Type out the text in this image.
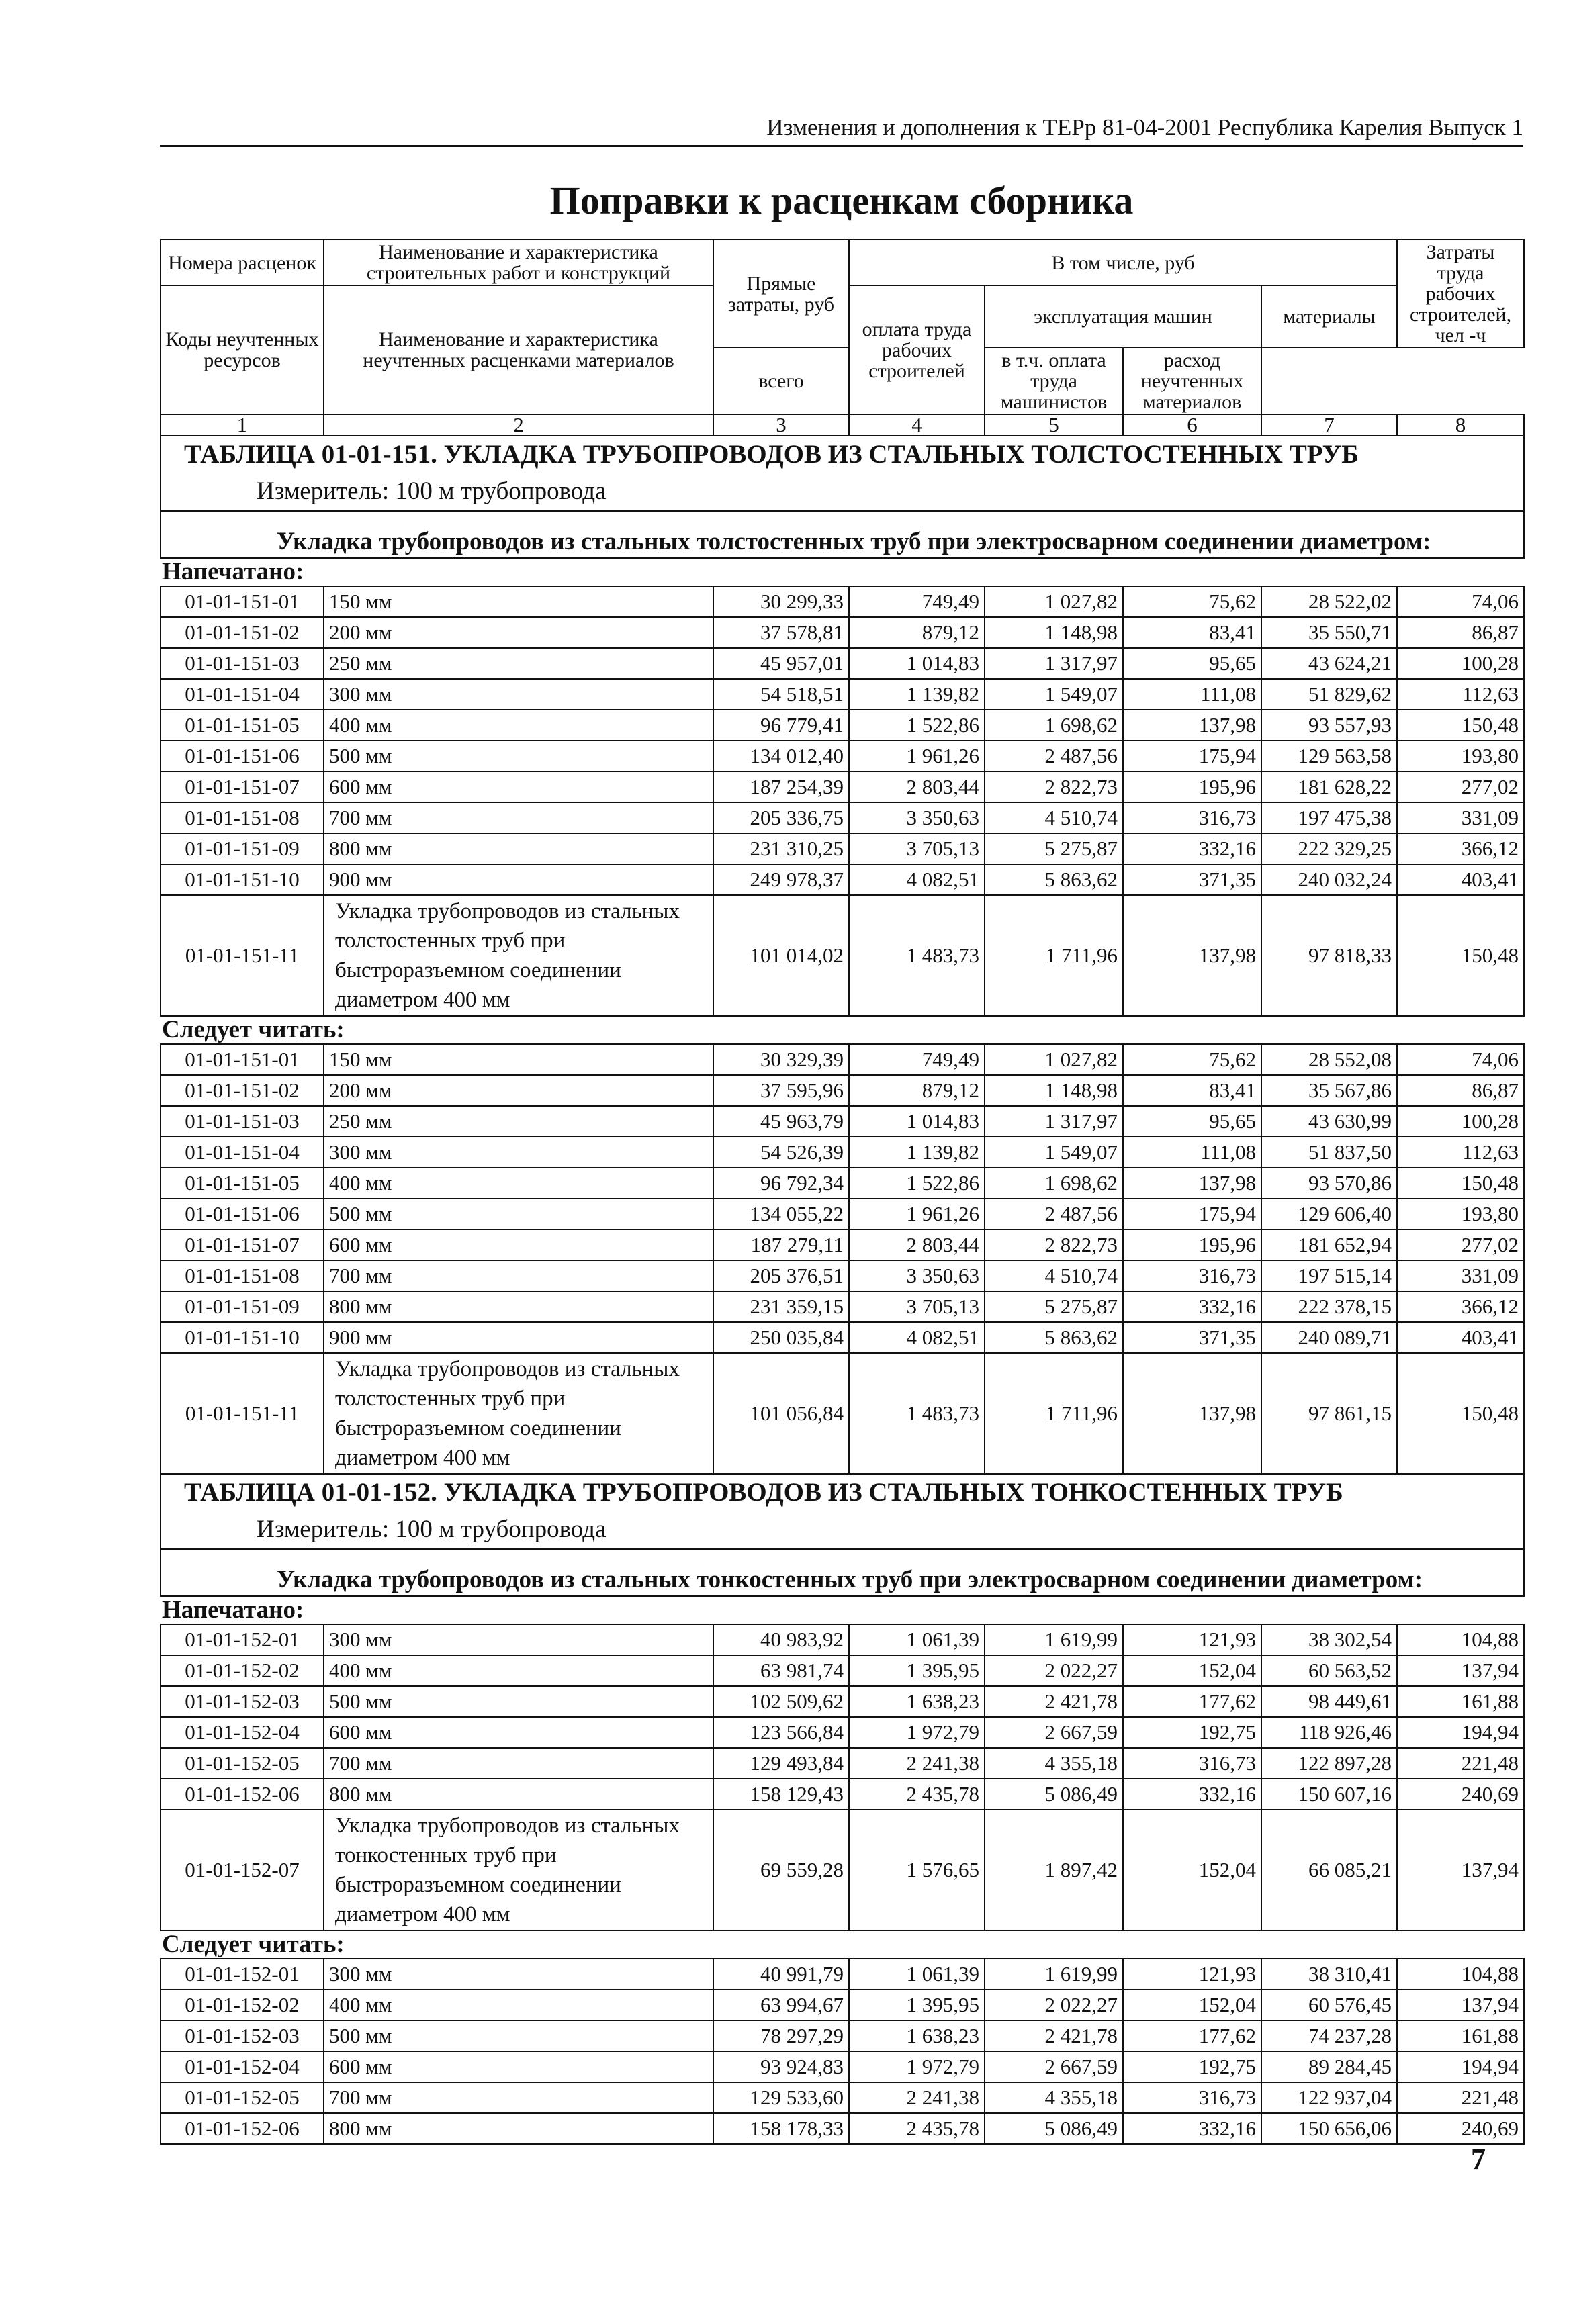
Изменения и дополнения к ТЕРр 81-04-2001 Республика Карелия Выпуск 1
Поправки к расценкам сборника
Номера расценок	Наименование и характеристика строительных работ и конструкций	Прямые затраты, руб	В том числе, руб				Затраты труда рабочих строителей, чел -ч
Коды неучтенных ресурсов	Наименование и характеристика неучтенных расценками материалов		оплата труда рабочих строителей	эксплуатация машин		материалы	
		всего		в т.ч. оплата труда машинистов	расход неучтенных материалов	
1	2	3	4	5	6	7	8
ТАБЛИЦА 01-01-151. УКЛАДКА ТРУБОПРОВОДОВ ИЗ СТАЛЬНЫХ ТОЛСТОСТЕННЫХ ТРУБ							
Измеритель: 100 м трубопровода							

Укладка трубопроводов из стальных толстостенных труб при электросварном соединении диаметром:							
Напечатано:							
01-01-151-01	150 мм	30 299,33	749,49	1 027,82	75,62	28 522,02	74,06
01-01-151-02	200 мм	37 578,81	879,12	1 148,98	83,41	35 550,71	86,87
01-01-151-03	250 мм	45 957,01	1 014,83	1 317,97	95,65	43 624,21	100,28
01-01-151-04	300 мм	54 518,51	1 139,82	1 549,07	111,08	51 829,62	112,63
01-01-151-05	400 мм	96 779,41	1 522,86	1 698,62	137,98	93 557,93	150,48
01-01-151-06	500 мм	134 012,40	1 961,26	2 487,56	175,94	129 563,58	193,80
01-01-151-07	600 мм	187 254,39	2 803,44	2 822,73	195,96	181 628,22	277,02
01-01-151-08	700 мм	205 336,75	3 350,63	4 510,74	316,73	197 475,38	331,09
01-01-151-09	800 мм	231 310,25	3 705,13	5 275,87	332,16	222 329,25	366,12
01-01-151-10	900 мм	249 978,37	4 082,51	5 863,62	371,35	240 032,24	403,41
01-01-151-11	Укладка трубопроводов из стальных толстостенных труб при быстроразъемном соединении диаметром 400 мм	101 014,02	1 483,73	1 711,96	137,98	97 818,33	150,48
Следует читать:							
01-01-151-01	150 мм	30 329,39	749,49	1 027,82	75,62	28 552,08	74,06
01-01-151-02	200 мм	37 595,96	879,12	1 148,98	83,41	35 567,86	86,87
01-01-151-03	250 мм	45 963,79	1 014,83	1 317,97	95,65	43 630,99	100,28
01-01-151-04	300 мм	54 526,39	1 139,82	1 549,07	111,08	51 837,50	112,63
01-01-151-05	400 мм	96 792,34	1 522,86	1 698,62	137,98	93 570,86	150,48
01-01-151-06	500 мм	134 055,22	1 961,26	2 487,56	175,94	129 606,40	193,80
01-01-151-07	600 мм	187 279,11	2 803,44	2 822,73	195,96	181 652,94	277,02
01-01-151-08	700 мм	205 376,51	3 350,63	4 510,74	316,73	197 515,14	331,09
01-01-151-09	800 мм	231 359,15	3 705,13	5 275,87	332,16	222 378,15	366,12
01-01-151-10	900 мм	250 035,84	4 082,51	5 863,62	371,35	240 089,71	403,41
01-01-151-11	Укладка трубопроводов из стальных толстостенных труб при быстроразъемном соединении диаметром 400 мм	101 056,84	1 483,73	1 711,96	137,98	97 861,15	150,48
ТАБЛИЦА 01-01-152. УКЛАДКА ТРУБОПРОВОДОВ ИЗ СТАЛЬНЫХ ТОНКОСТЕННЫХ ТРУБ							
Измеритель: 100 м трубопровода							

Укладка трубопроводов из стальных тонкостенных труб при электросварном соединении диаметром:							
Напечатано:							
01-01-152-01	300 мм	40 983,92	1 061,39	1 619,99	121,93	38 302,54	104,88
01-01-152-02	400 мм	63 981,74	1 395,95	2 022,27	152,04	60 563,52	137,94
01-01-152-03	500 мм	102 509,62	1 638,23	2 421,78	177,62	98 449,61	161,88
01-01-152-04	600 мм	123 566,84	1 972,79	2 667,59	192,75	118 926,46	194,94
01-01-152-05	700 мм	129 493,84	2 241,38	4 355,18	316,73	122 897,28	221,48
01-01-152-06	800 мм	158 129,43	2 435,78	5 086,49	332,16	150 607,16	240,69
01-01-152-07	Укладка трубопроводов из стальных тонкостенных труб при быстроразъемном соединении диаметром 400 мм	69 559,28	1 576,65	1 897,42	152,04	66 085,21	137,94
Следует читать:							
01-01-152-01	300 мм	40 991,79	1 061,39	1 619,99	121,93	38 310,41	104,88
01-01-152-02	400 мм	63 994,67	1 395,95	2 022,27	152,04	60 576,45	137,94
01-01-152-03	500 мм	78 297,29	1 638,23	2 421,78	177,62	74 237,28	161,88
01-01-152-04	600 мм	93 924,83	1 972,79	2 667,59	192,75	89 284,45	194,94
01-01-152-05	700 мм	129 533,60	2 241,38	4 355,18	316,73	122 937,04	221,48
01-01-152-06	800 мм	158 178,33	2 435,78	5 086,49	332,16	150 656,06	240,69
7
